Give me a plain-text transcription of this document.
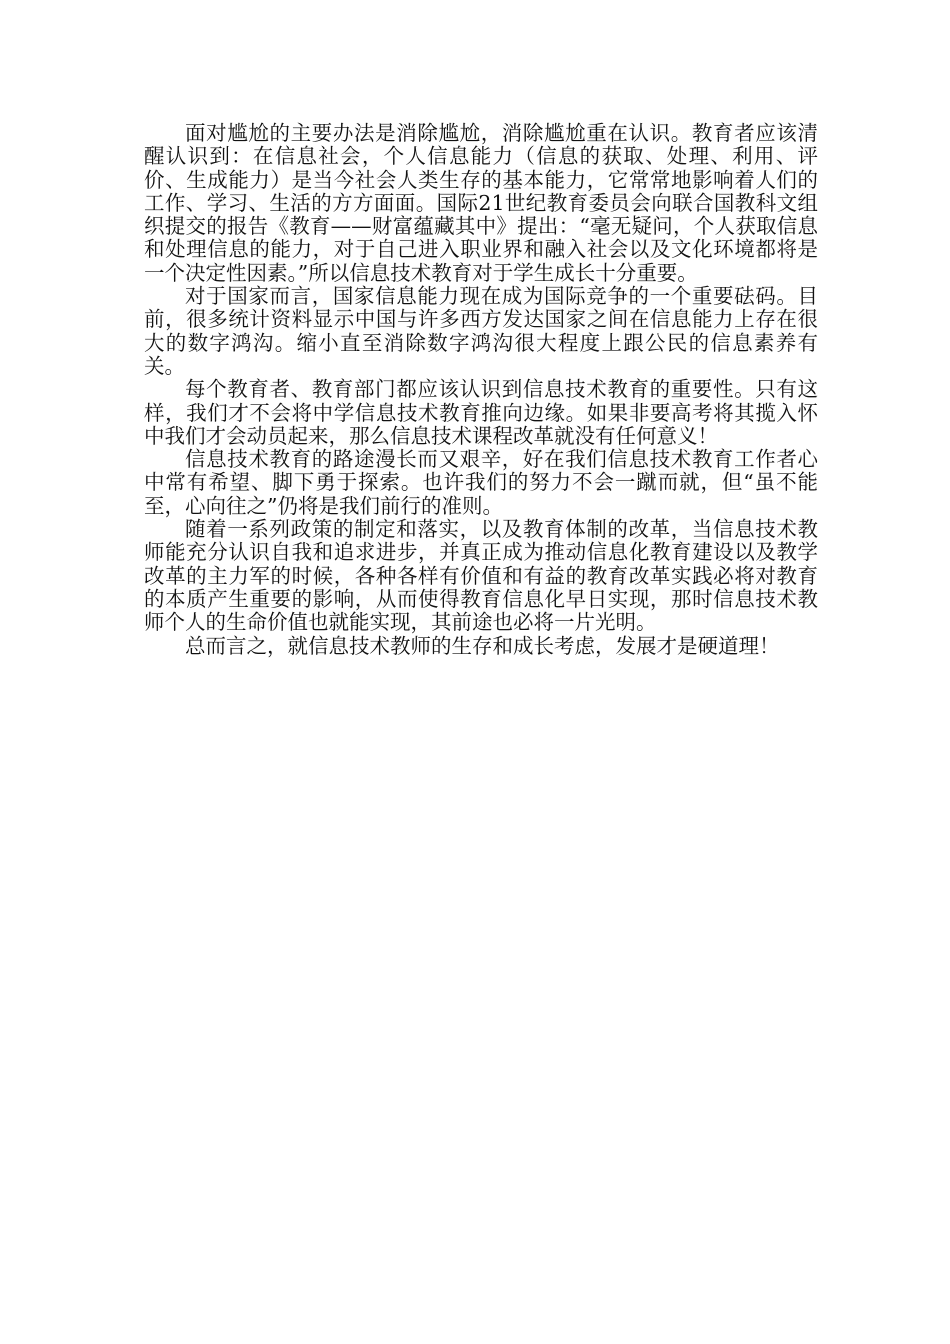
面对尴尬的主要办法是消除尴尬，消除尴尬重在认识。教育者应该清醒认识到：在信息社会，个人信息能力（信息的获取、处理、利用、评价、生成能力）是当今社会人类生存的基本能力，它常常地影响着人们的工作、学习、生活的方方面面。国际21世纪教育委员会向联合国教科文组织提交的报告《教育——财富蕴藏其中》提出：“毫无疑问，个人获取信息和处理信息的能力，对于自己进入职业界和融入社会以及文化环境都将是一个决定性因素。”所以信息技术教育对于学生成长十分重要。

对于国家而言，国家信息能力现在成为国际竞争的一个重要砝码。目前，很多统计资料显示中国与许多西方发达国家之间在信息能力上存在很大的数字鸿沟。缩小直至消除数字鸿沟很大程度上跟公民的信息素养有关。

每个教育者、教育部门都应该认识到信息技术教育的重要性。只有这样，我们才不会将中学信息技术教育推向边缘。如果非要高考将其揽入怀中我们才会动员起来，那么信息技术课程改革就没有任何意义！

信息技术教育的路途漫长而又艰辛，好在我们信息技术教育工作者心中常有希望、脚下勇于探索。也许我们的努力不会一蹴而就，但“虽不能至，心向往之”仍将是我们前行的准则。

随着一系列政策的制定和落实，以及教育体制的改革，当信息技术教师能充分认识自我和追求进步，并真正成为推动信息化教育建设以及教学改革的主力军的时候，各种各样有价值和有益的教育改革实践必将对教育的本质产生重要的影响，从而使得教育信息化早日实现，那时信息技术教师个人的生命价值也就能实现，其前途也必将一片光明。

总而言之，就信息技术教师的生存和成长考虑，发展才是硬道理！
